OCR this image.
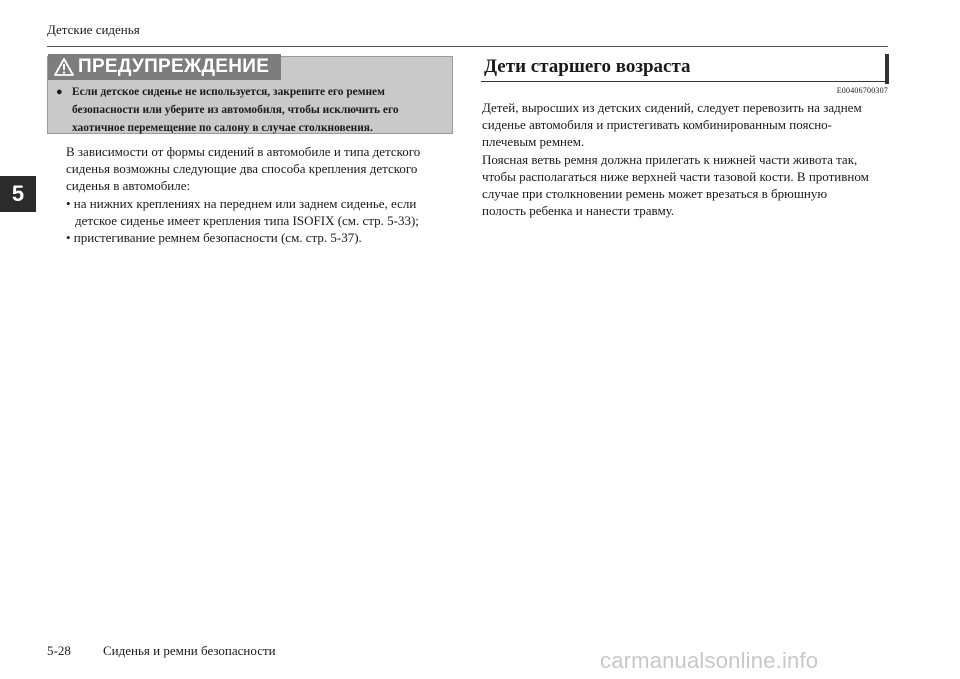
Детские сиденья
5
ПРЕДУПРЕЖДЕНИЕ
● Если детское сиденье не используется, закрепите его ремнем
безопасности или уберите из автомобиля, чтобы исключить его
хаотичное перемещение по салону в случае столкновения.
В зависимости от формы сидений в автомобиле и типа детского
сиденья возможны следующие два способа крепления детского
сиденья в автомобиле:
• на нижних креплениях на переднем или заднем сиденье, если
детское сиденье имеет крепления типа ISOFIX (см. стр. 5-33);
• пристегивание ремнем безопасности (см. стр. 5-37).
Дети старшего возраста
E00406700307
Детей, выросших из детских сидений, следует перевозить на заднем
сиденье автомобиля и пристегивать комбинированным поясно-
плечевым ремнем.
Поясная ветвь ремня должна прилегать к нижней части живота так,
чтобы располагаться ниже верхней части тазовой кости. В противном
случае при столкновении ремень может врезаться в брюшную
полость ребенка и нанести травму.
5-28 Сиденья и ремни безопасности	carmanualsonline.info
